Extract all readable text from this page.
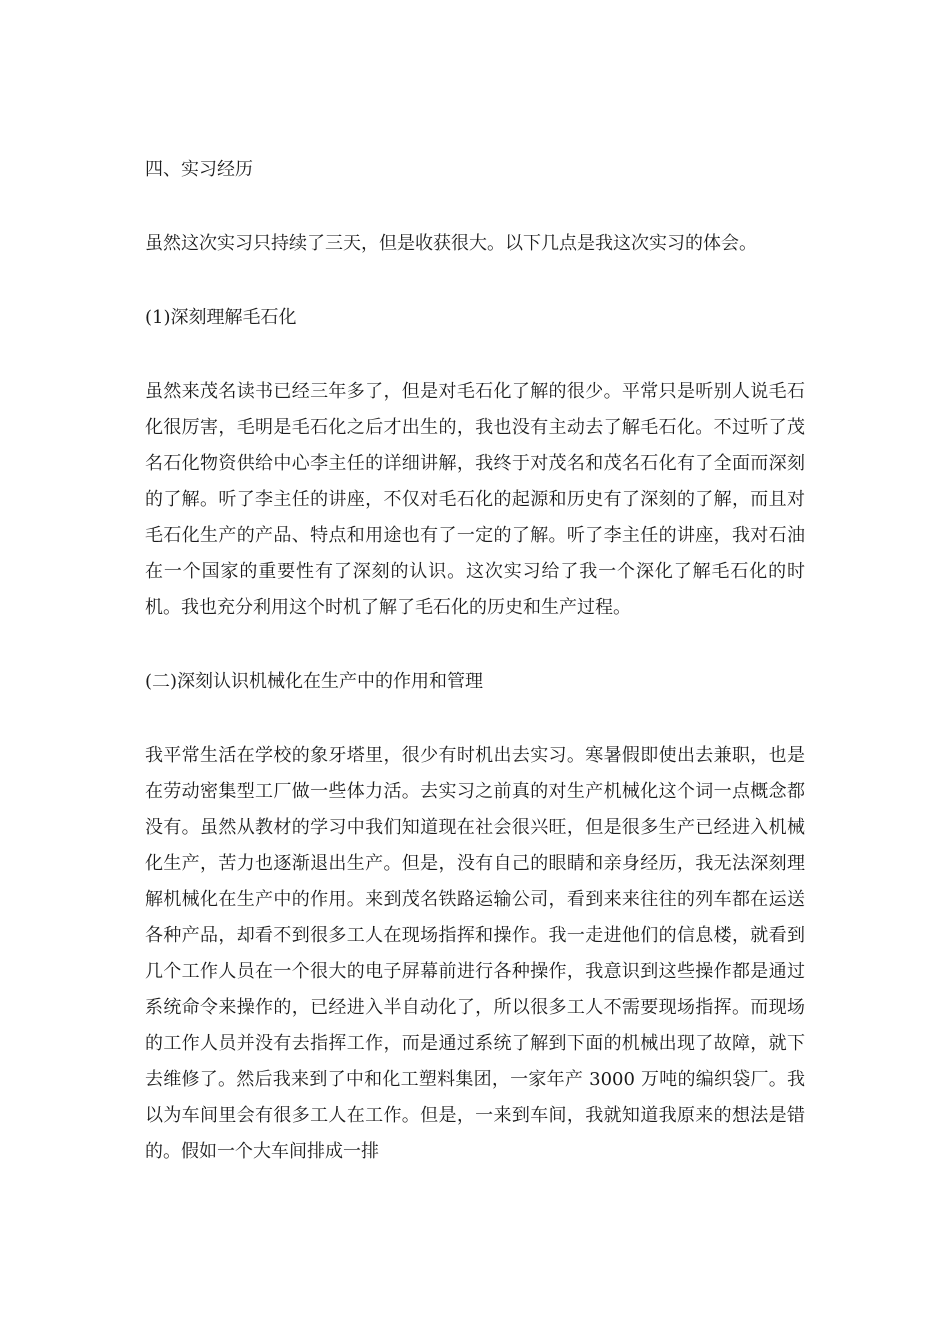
四、实习经历

虽然这次实习只持续了三天，但是收获很大。以下几点是我这次实习的体会。

(1)深刻理解毛石化

虽然来茂名读书已经三年多了，但是对毛石化了解的很少。平常只是听别人说毛石化很厉害，毛明是毛石化之后才出生的，我也没有主动去了解毛石化。不过听了茂名石化物资供给中心李主任的详细讲解，我终于对茂名和茂名石化有了全面而深刻的了解。听了李主任的讲座，不仅对毛石化的起源和历史有了深刻的了解，而且对毛石化生产的产品、特点和用途也有了一定的了解。听了李主任的讲座，我对石油在一个国家的重要性有了深刻的认识。这次实习给了我一个深化了解毛石化的时机。我也充分利用这个时机了解了毛石化的历史和生产过程。

(二)深刻认识机械化在生产中的作用和管理

我平常生活在学校的象牙塔里，很少有时机出去实习。寒暑假即使出去兼职，也是在劳动密集型工厂做一些体力活。去实习之前真的对生产机械化这个词一点概念都没有。虽然从教材的学习中我们知道现在社会很兴旺，但是很多生产已经进入机械化生产，苦力也逐渐退出生产。但是，没有自己的眼睛和亲身经历，我无法深刻理解机械化在生产中的作用。来到茂名铁路运输公司，看到来来往往的列车都在运送各种产品，却看不到很多工人在现场指挥和操作。我一走进他们的信息楼，就看到几个工作人员在一个很大的电子屏幕前进行各种操作，我意识到这些操作都是通过系统命令来操作的，已经进入半自动化了，所以很多工人不需要现场指挥。而现场的工作人员并没有去指挥工作，而是通过系统了解到下面的机械出现了故障，就下去维修了。然后我来到了中和化工塑料集团，一家年产 3000 万吨的编织袋厂。我以为车间里会有很多工人在工作。但是，一来到车间，我就知道我原来的想法是错的。假如一个大车间排成一排
